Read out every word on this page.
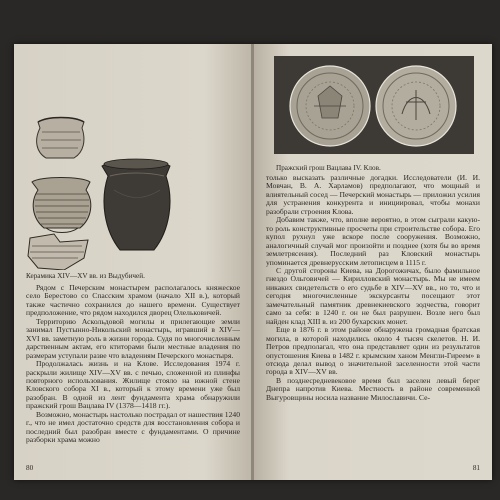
Керамика XIV—XV вв. из Выдубичей.

Рядом с Печерским монастырем располагалось княжеское село Берестово со Спасским храмом (начало XII в.), который также частично сохранился до нашего времени. Существует предположение, что рядом находился дворец Олельковичей.

Территорию Аскольдовой могилы и прилегающие земли занимал Пустынно-Никольский монастырь, игравший в XIV—XVI вв. заметную роль в жизни города. Судя по многочисленным дарственным актам, его ктиторами были местные владения по размерам уступали разве что владениям Печерского монастыря.

Продолжалась жизнь и на Клове. Исследования 1974 г. раскрыли жилище XIV—XV вв. с печью, сложенной из плинфы повторного использования. Жилище стояло на южной стене Кловского собора XI в., который к этому времени уже был разобран. В одной из лент фундамента храма обнаружили пражский грош Вацлава IV (1378—1418 гг.).

Возможно, монастырь настолько пострадал от нашествия 1240 г., что не имел достаточно средств для восстановления собора и последний был разобран вместе с фундаментами. О причине разборки храма можно

80
Пражский грош Вацлава IV. Клов.

только высказать различные догадки. Исследователи (И. И. Мовчан, В. А. Харламов) предполагают, что мощный и влиятельный сосед — Печерский монастырь — приложил усилия для устранения конкурента и инициировал, чтобы монахи разобрали строения Клова.

Добавим также, что, вполне вероятно, в этом сыграли какую-то роль конструктивные просчеты при строительстве собора. Его купол рухнул уже вскоре после сооружения. Возможно, аналогичный случай мог произойти и позднее (хотя бы во время землетрясения). Последний раз Кловский монастырь упоминается древнерусским летописцем в 1115 г.

С другой стороны Киева, на Дорогожичах, было фамильное гнездо Ольговичей — Кирилловский монастырь. Мы не имеем никаких свидетельств о его судьбе в XIV—XV вв., но то, что и сегодня многочисленные экскурсанты посещают этот замечательный памятник древнекиевского зодчества, говорит само за себя: в 1240 г. он не был разрушен. Возле него был найден клад XIII в. из 200 бухарских монет.

Еще в 1876 г. в этом районе обнаружена громадная братская могила, в которой находились около 4 тысяч скелетов. Н. И. Петров предполагал, что она представляет один из результатов опустошения Киева в 1482 г. крымским ханом Менгли-Гиреем» в отсюда делал вывод о значительной заселенности этой части города в XIV—XV вв.

В позднесредневековое время был заселен левый берег Днепра напротив Киева. Местность в районе современной Выгуровщины носила название Милославичи. Се-

81
